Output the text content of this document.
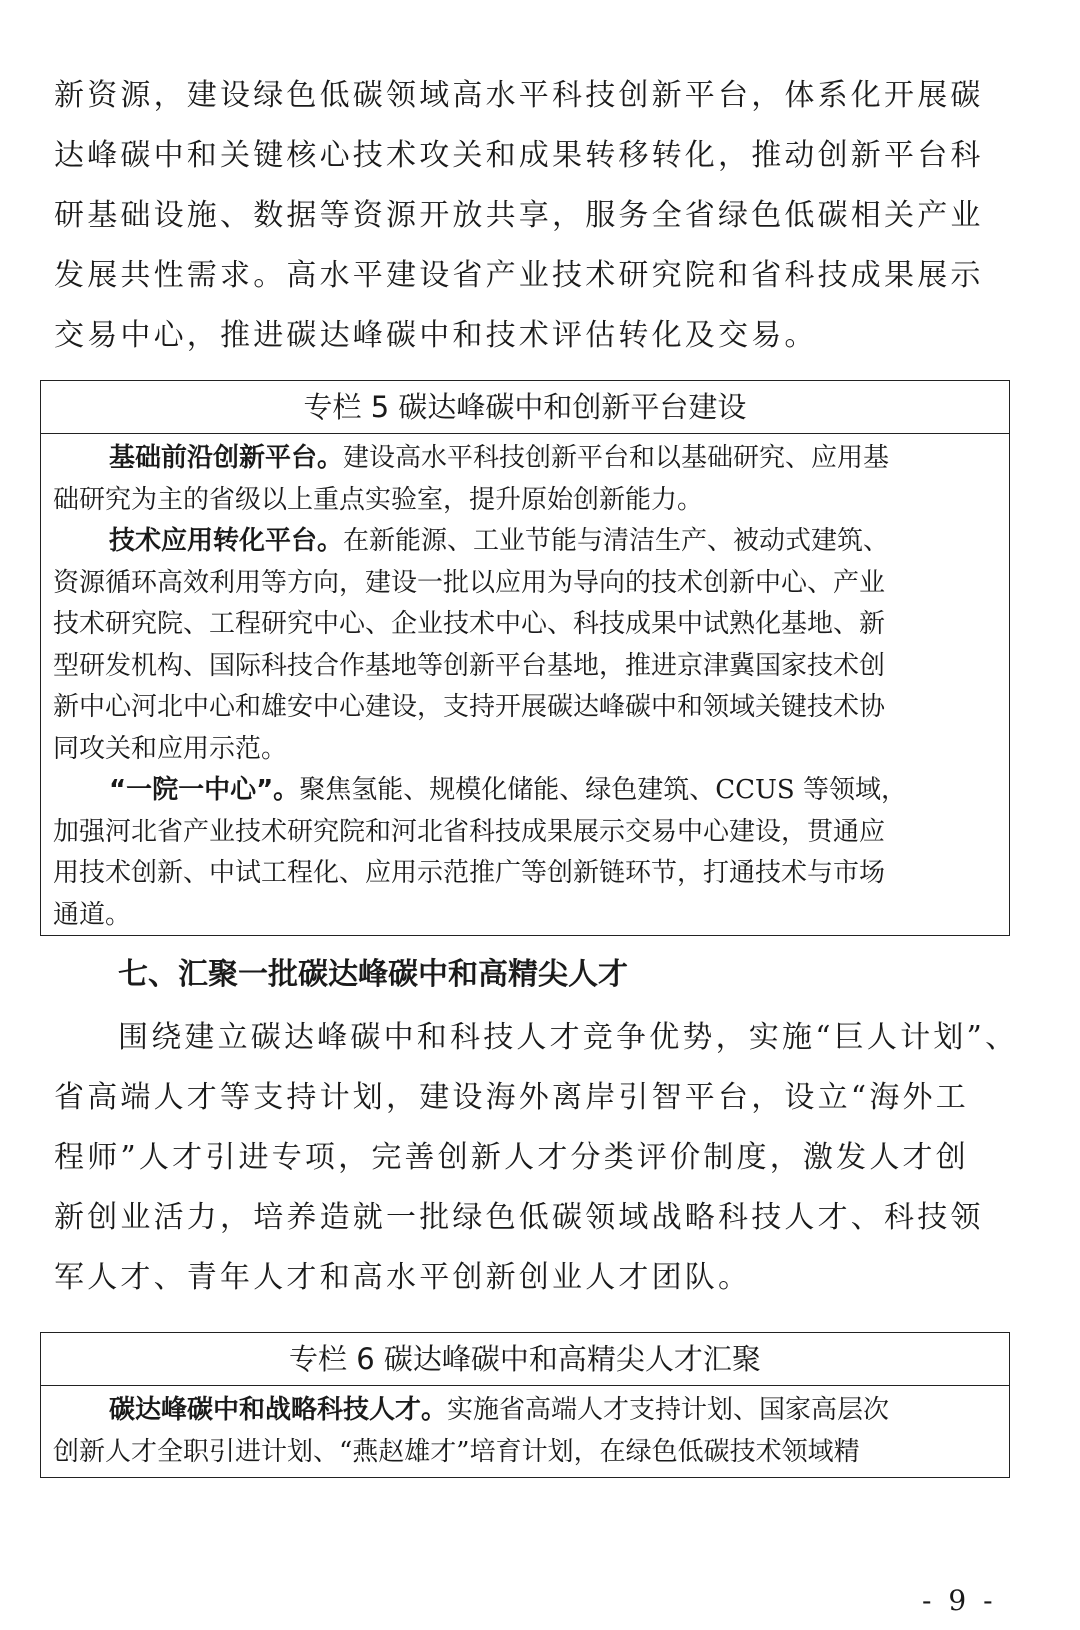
新资源，建设绿色低碳领域高水平科技创新平台，体系化开展碳
达峰碳中和关键核心技术攻关和成果转移转化，推动创新平台科
研基础设施、数据等资源开放共享，服务全省绿色低碳相关产业
发展共性需求。高水平建设省产业技术研究院和省科技成果展示
交易中心，推进碳达峰碳中和技术评估转化及交易。
专栏 5 碳达峰碳中和创新平台建设
基础前沿创新平台。建设高水平科技创新平台和以基础研究、应用基
础研究为主的省级以上重点实验室，提升原始创新能力。
技术应用转化平台。在新能源、工业节能与清洁生产、被动式建筑、
资源循环高效利用等方向，建设一批以应用为导向的技术创新中心、产业
技术研究院、工程研究中心、企业技术中心、科技成果中试熟化基地、新
型研发机构、国际科技合作基地等创新平台基地，推进京津冀国家技术创
新中心河北中心和雄安中心建设，支持开展碳达峰碳中和领域关键技术协
同攻关和应用示范。
“一院一中心”。聚焦氢能、规模化储能、绿色建筑、CCUS 等领域，
加强河北省产业技术研究院和河北省科技成果展示交易中心建设，贯通应
用技术创新、中试工程化、应用示范推广等创新链环节，打通技术与市场
通道。
七、汇聚一批碳达峰碳中和高精尖人才
围绕建立碳达峰碳中和科技人才竞争优势，实施“巨人计划”、
省高端人才等支持计划，建设海外离岸引智平台，设立“海外工
程师”人才引进专项，完善创新人才分类评价制度，激发人才创
新创业活力，培养造就一批绿色低碳领域战略科技人才、科技领
军人才、青年人才和高水平创新创业人才团队。
专栏 6 碳达峰碳中和高精尖人才汇聚
碳达峰碳中和战略科技人才。实施省高端人才支持计划、国家高层次
创新人才全职引进计划、“燕赵雄才”培育计划，在绿色低碳技术领域精
- 9 -
